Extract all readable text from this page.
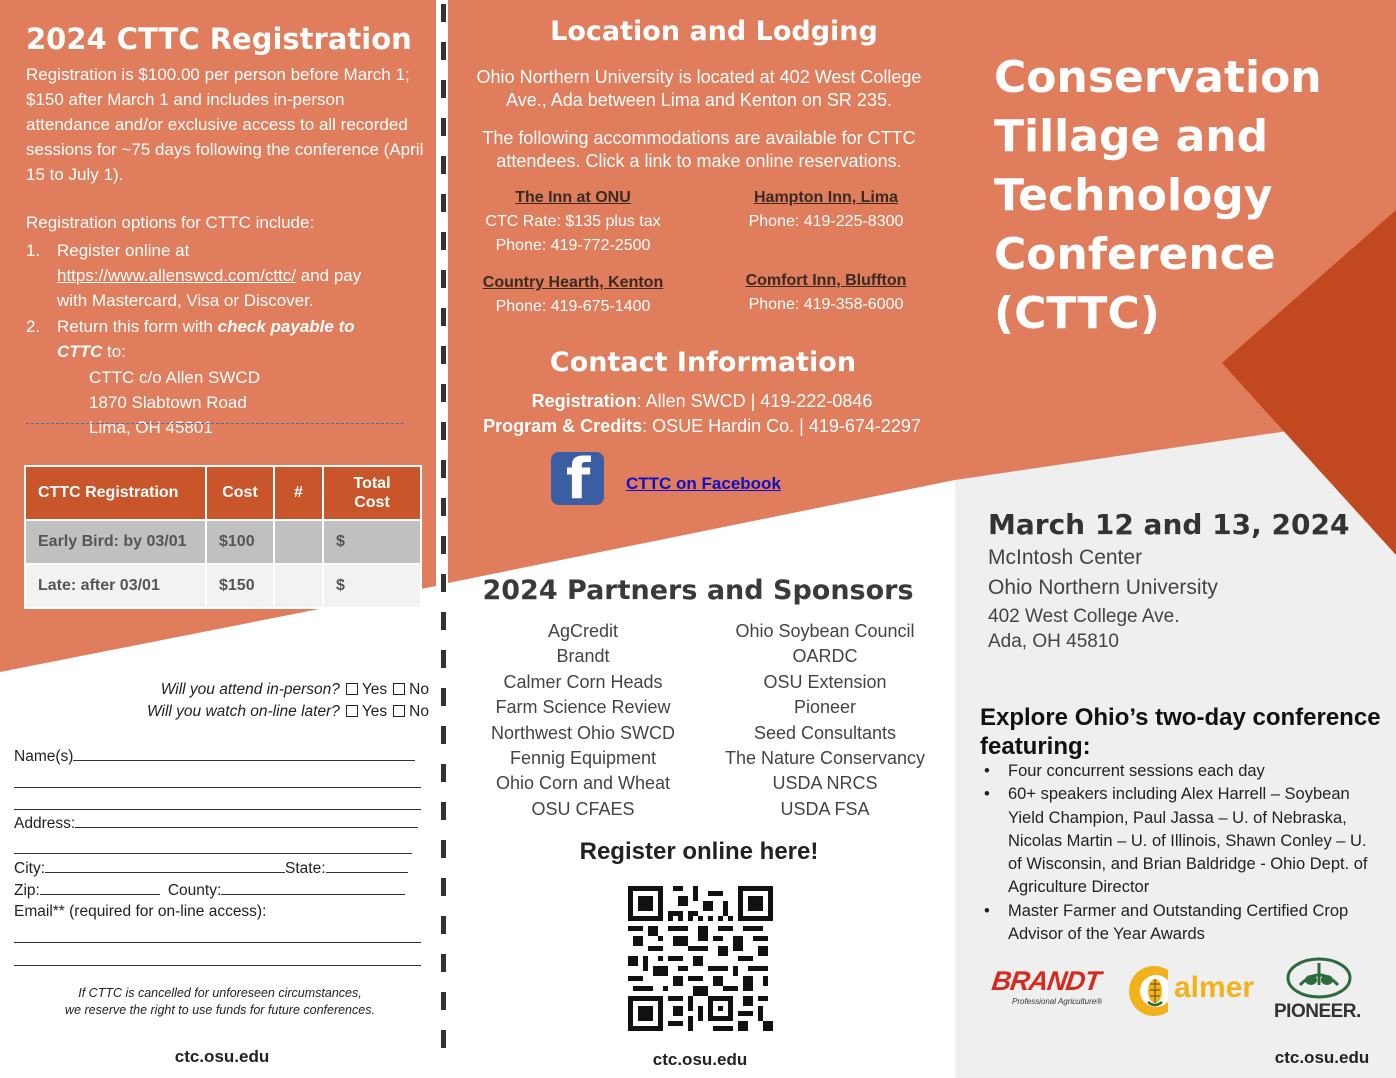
2024 CTTC Registration
Registration is $100.00 per person before March 1; $150 after March 1 and includes in-person attendance and/or exclusive access to all recorded sessions for ~75 days following the conference (April 15 to July 1).
Registration options for CTTC include:
1. Register online at
https://www.allenswcd.com/cttc/ and pay
with Mastercard, Visa or Discover.
2. Return this form with check payable to
CTTC to:
CTTC c/o Allen SWCD
1870 Slabtown Road
Lima, OH 45801
CTTC Registration	Cost	#	Total Cost
Early Bird: by 03/01	$100		$
Late: after 03/01	$150		$
Will you attend in-person? Yes No
Will you watch on-line later? Yes No
Name(s)
Address:
City:	State:
Zip:	County:
Email** (required for on-line access):
If CTTC is cancelled for unforeseen circumstances,
we reserve the right to use funds for future conferences.
ctc.osu.edu
Location and Lodging
Ohio Northern University is located at 402 West College Ave., Ada between Lima and Kenton on SR 235.
The following accommodations are available for CTTC attendees. Click a link to make online reservations.
The Inn at ONU
CTC Rate: $135 plus tax
Phone: 419-772-2500
Hampton Inn, Lima
Phone: 419-225-8300
Country Hearth, Kenton
Phone: 419-675-1400
Comfort Inn, Bluffton
Phone: 419-358-6000
Contact Information
Registration: Allen SWCD | 419-222-0846
Program & Credits: OSUE Hardin Co. | 419-674-2297
f CTTC on Facebook
2024 Partners and Sponsors
AgCredit
Brandt
Calmer Corn Heads
Farm Science Review
Northwest Ohio SWCD
Fennig Equipment
Ohio Corn and Wheat
OSU CFAES
Ohio Soybean Council
OARDC
OSU Extension
Pioneer
Seed Consultants
The Nature Conservancy
USDA NRCS
USDA FSA
Register online here!
ctc.osu.edu
Conservation
Tillage and
Technology
Conference
(CTTC)
March 12 and 13, 2024
McIntosh Center
Ohio Northern University
402 West College Ave.
Ada, OH 45810
Explore Ohio’s two-day conference featuring:
• Four concurrent sessions each day
• 60+ speakers including Alex Harrell – Soybean Yield Champion, Paul Jassa – U. of Nebraska, Nicolas Martin – U. of Illinois, Shawn Conley – U. of Wisconsin, and Brian Baldridge - Ohio Dept. of Agriculture Director
• Master Farmer and Outstanding Certified Crop Advisor of the Year Awards
BRANDT
Professional Agriculture®	almer
PIONEER.
ctc.osu.edu
